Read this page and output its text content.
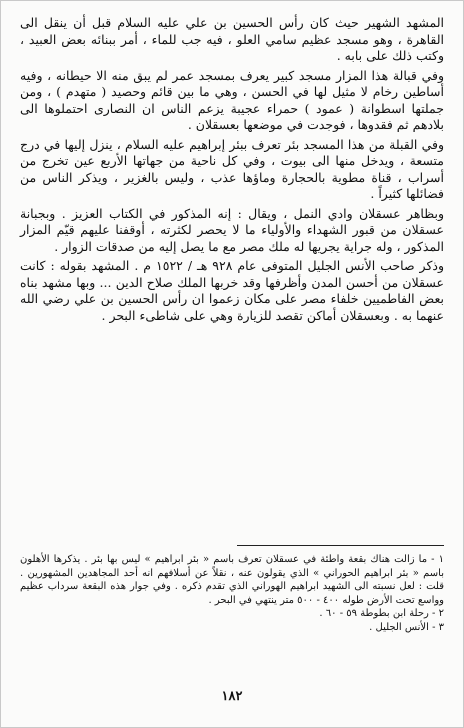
المشهد الشهير حيث كان رأس الحسين بن علي عليه السلام قبل أن ينقل الى القاهرة ، وهو مسجد عظيم سامي العلو ، فيه جب للماء ، أمر ببنائه بعض العبيد ، وكتب ذلك على بابه .

وفي قبالة هذا المزار مسجد كبير يعرف بمسجد عمر لم يبق منه الا حيطانه ، وفيه أساطين رخام لا مثيل لها في الحسن ، وهي ما بين قائم وحصيد ( متهدم ) ، ومن جملتها اسطوانة ( عمود ) حمراء عجيبة يزعم الناس ان النصارى احتملوها الى بلادهم ثم فقدوها ، فوجدت في موضعها بعسقلان .

وفي القبلة من هذا المسجد بئر تعرف ببئر إبراهيم عليه السلام ، ينزل إليها في درج متسعة ، ويدخل منها الى بيوت ، وفي كل ناحية من جهاتها الأربع عين تخرج من أسراب ، قناة مطوية بالحجارة وماؤها عذب ، وليس بالغزير ، ويذكر الناس من فضائلها كثيراً .

وبظاهر عسقلان وادي النمل ، ويقال : إنه المذكور في الكتاب العزيز . وبجبانة عسقلان من قبور الشهداء والأولياء ما لا يحصر لكثرته ، أوقفنا عليهم قيّم المزار المذكور ، وله جراية يجريها له ملك مصر مع ما يصل إليه من صدقات الزوار .

وذكر صاحب الأنس الجليل المتوفى عام ٩٢٨ هـ / ١٥٢٢ م . المشهد بقوله : كانت عسقلان من أحسن المدن وأظرفها وقد خربها الملك صلاح الدين ... وبها مشهد بناه بعض الفاطميين خلفاء مصر على مكان زعموا ان رأس الحسين بن علي رضي الله عنهما به . وبعسقلان أماكن تقصد للزيارة وهي على شاطىء البحر .

١ - ما زالت هناك بقعة واطئة في عسقلان تعرف باسم « بئر ابراهيم » ليس بها بئر . يذكرها الأهلون باسم « بئر ابراهيم الحوراني » الذي يقولون عنه ، نقلاً عن أسلافهم انه أحد المجاهدين المشهورين . قلت : لعل نسبته الى الشهيد ابراهيم الهوراني الذي تقدم ذكره . وفي جوار هذه البقعة سرداب عظيم وواسع تحت الأرض طوله ٤٠٠ - ٥٠٠ متر ينتهي في البحر .

٢ - رحلة ابن بطوطة ٥٩ - ٦٠ .

٣ - الأنس الجليل .

١٨٢
